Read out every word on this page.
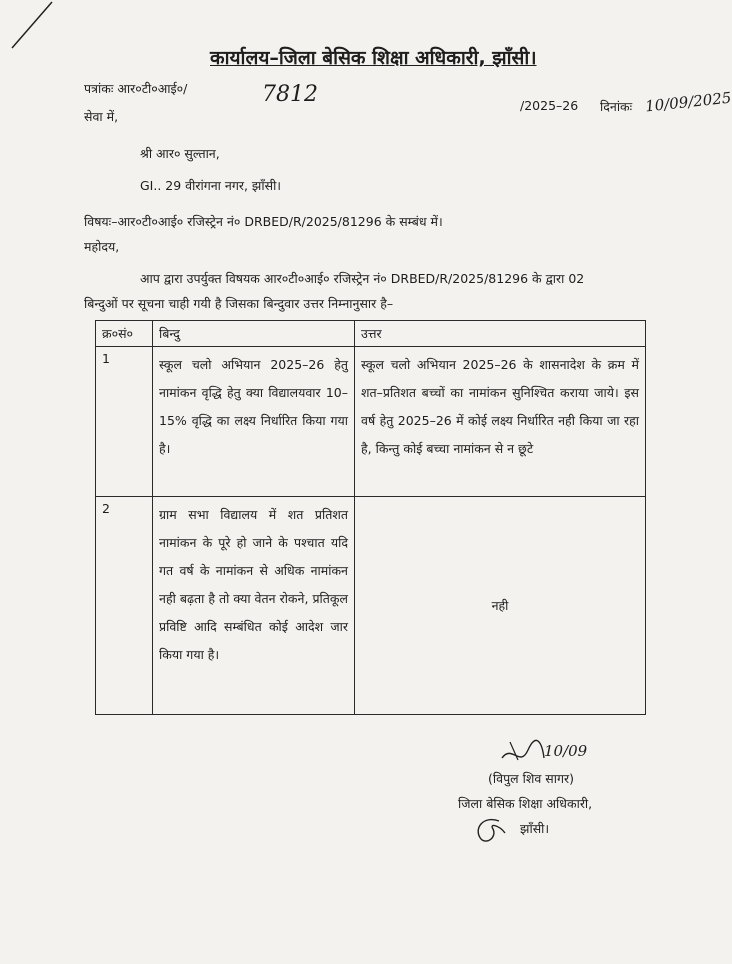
कार्यालय–जिला बेसिक शिक्षा अधिकारी, झाँसी।
पत्रांकः आर०टी०आई०/	7812	/2025–26 दिनांकः 10/09/2025
सेवा में,
श्री आर० सुल्तान,
GI.. 29 वीरांगना नगर, झाँसी।
विषयः–आर०टी०आई० रजिस्ट्रेन नं० DRBED/R/2025/81296 के सम्बंध में।
महोदय,
आप द्वारा उपर्युक्त विषयक आर०टी०आई० रजिस्ट्रेन नं० DRBED/R/2025/81296 के द्वारा 02
बिन्दुओं पर सूचना चाही गयी है जिसका बिन्दुवार उत्तर निम्नानुसार है–
क्र०सं०	बिन्दु	उत्तर
1	स्कूल चलो अभियान 2025–26 हेतु नामांकन वृद्धि हेतु क्या विद्यालयवार 10–15% वृद्धि का लक्ष्य निर्धारित किया गया है।	स्कूल चलो अभियान 2025–26 के शासनादेश के क्रम में शत–प्रतिशत बच्चों का नामांकन सुनिश्चित कराया जाये। इस वर्ष हेतु 2025–26 में कोई लक्ष्य निर्धारित नही किया जा रहा है, किन्तु कोई बच्चा नामांकन से न छूटे
2	ग्राम सभा विद्यालय में शत प्रतिशत नामांकन के पूरे हो जाने के पश्चात यदि गत वर्ष के नामांकन से अधिक नामांकन नही बढ़ता है तो क्या वेतन रोकने, प्रतिकूल प्रविष्टि आदि सम्बंधित कोई आदेश जार किया गया है।	नही
10/09
(विपुल शिव सागर)
जिला बेसिक शिक्षा अधिकारी,
झाँसी।
